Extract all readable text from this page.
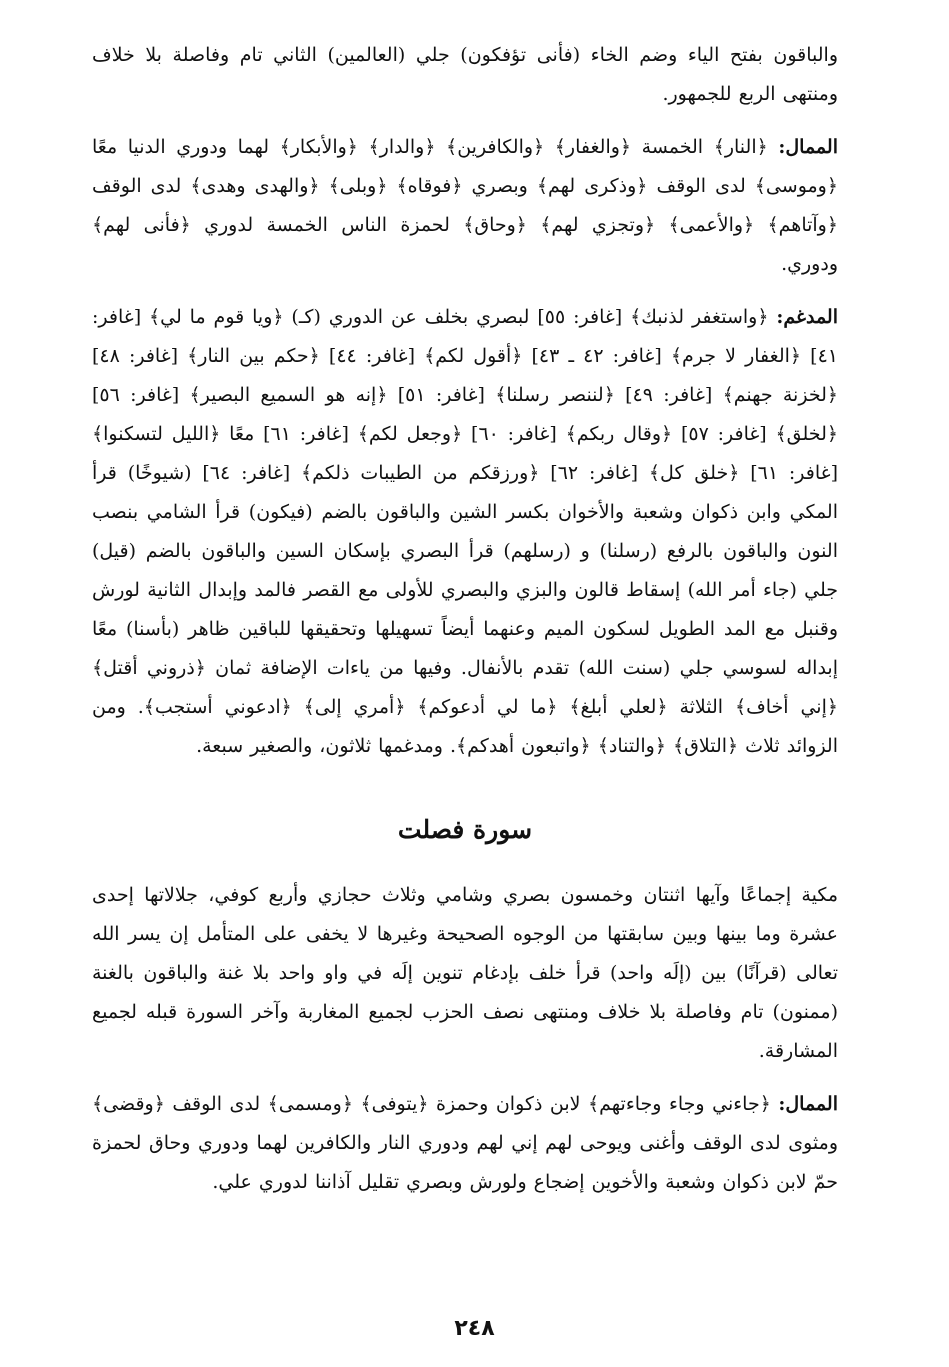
والباقون بفتح الياء وضم الخاء (فأنى تؤفكون) جلي (العالمين) الثاني تام وفاصلة بلا خلاف ومنتهى الربع للجمهور.

الممال: ﴿النار﴾ الخمسة ﴿والغفار﴾ ﴿والكافرين﴾ ﴿والدار﴾ ﴿والأبكار﴾ لهما ودوري الدنيا معًا ﴿وموسى﴾ لدى الوقف ﴿وذكرى لهم﴾ وبصري ﴿فوقاه﴾ ﴿وبلى﴾ ﴿والهدى وهدى﴾ لدى الوقف ﴿وآتاهم﴾ ﴿والأعمى﴾ ﴿وتجزي لهم﴾ ﴿وحاق﴾ لحمزة الناس الخمسة لدوري ﴿فأنى لهم﴾ ودوري.

المدغم: ﴿واستغفر لذنبك﴾ [غافر: ٥٥] لبصري بخلف عن الدوري (كـ) ﴿ويا قوم ما لي﴾ [غافر: ٤١] ﴿الغفار لا جرم﴾ [غافر: ٤٢ ـ ٤٣] ﴿أقول لكم﴾ [غافر: ٤٤] ﴿حكم بين النار﴾ [غافر: ٤٨] ﴿لخزنة جهنم﴾ [غافر: ٤٩] ﴿لننصر رسلنا﴾ [غافر: ٥١] ﴿إنه هو السميع البصير﴾ [غافر: ٥٦] ﴿لخلق﴾ [غافر: ٥٧] ﴿وقال ربكم﴾ [غافر: ٦٠] ﴿وجعل لكم﴾ [غافر: ٦١] معًا ﴿الليل لتسكنوا﴾ [غافر: ٦١] ﴿خلق كل﴾ [غافر: ٦٢] ﴿ورزقكم من الطيبات ذلكم﴾ [غافر: ٦٤] (شيوخًا) قرأ المكي وابن ذكوان وشعبة والأخوان بكسر الشين والباقون بالضم (فيكون) قرأ الشامي بنصب النون والباقون بالرفع (رسلنا) و (رسلهم) قرأ البصري بإسكان السين والباقون بالضم (قيل) جلي (جاء أمر الله) إسقاط قالون والبزي والبصري للأولى مع القصر فالمد وإبدال الثانية لورش وقنبل مع المد الطويل لسكون الميم وعنهما أيضاً تسهيلها وتحقيقها للباقين ظاهر (بأسنا) معًا إبداله لسوسي جلي (سنت الله) تقدم بالأنفال. وفيها من ياءات الإضافة ثمان ﴿ذروني أقتل﴾ ﴿إني أخاف﴾ الثلاثة ﴿لعلي أبلغ﴾ ﴿ما لي أدعوكم﴾ ﴿أمري إلى﴾ ﴿ادعوني أستجب﴾. ومن الزوائد ثلاث ﴿التلاق﴾ ﴿والتناد﴾ ﴿واتبعون أهدكم﴾. ومدغمها ثلاثون، والصغير سبعة.

سورة فصلت

مكية إجماعًا وآيها اثنتان وخمسون بصري وشامي وثلاث حجازي وأربع كوفي، جلالاتها إحدى عشرة وما بينها وبين سابقتها من الوجوه الصحيحة وغيرها لا يخفى على المتأمل إن يسر الله تعالى (قرآنًا) بين (إلَه واحد) قرأ خلف بإدغام تنوين إلَه في واو واحد بلا غنة والباقون بالغنة (ممنون) تام وفاصلة بلا خلاف ومنتهى نصف الحزب لجميع المغاربة وآخر السورة قبله لجميع المشارقة.

الممال: ﴿جاءني وجاء وجاءتهم﴾ لابن ذكوان وحمزة ﴿يتوفى﴾ ﴿ومسمى﴾ لدى الوقف ﴿وقضى﴾ ومثوى لدى الوقف وأغنى ويوحى لهم إني لهم ودوري النار والكافرين لهما ودوري وحاق لحمزة حمّ لابن ذكوان وشعبة والأخوين إضجاع ولورش وبصري تقليل آذاننا لدوري علي.

٢٤٨
